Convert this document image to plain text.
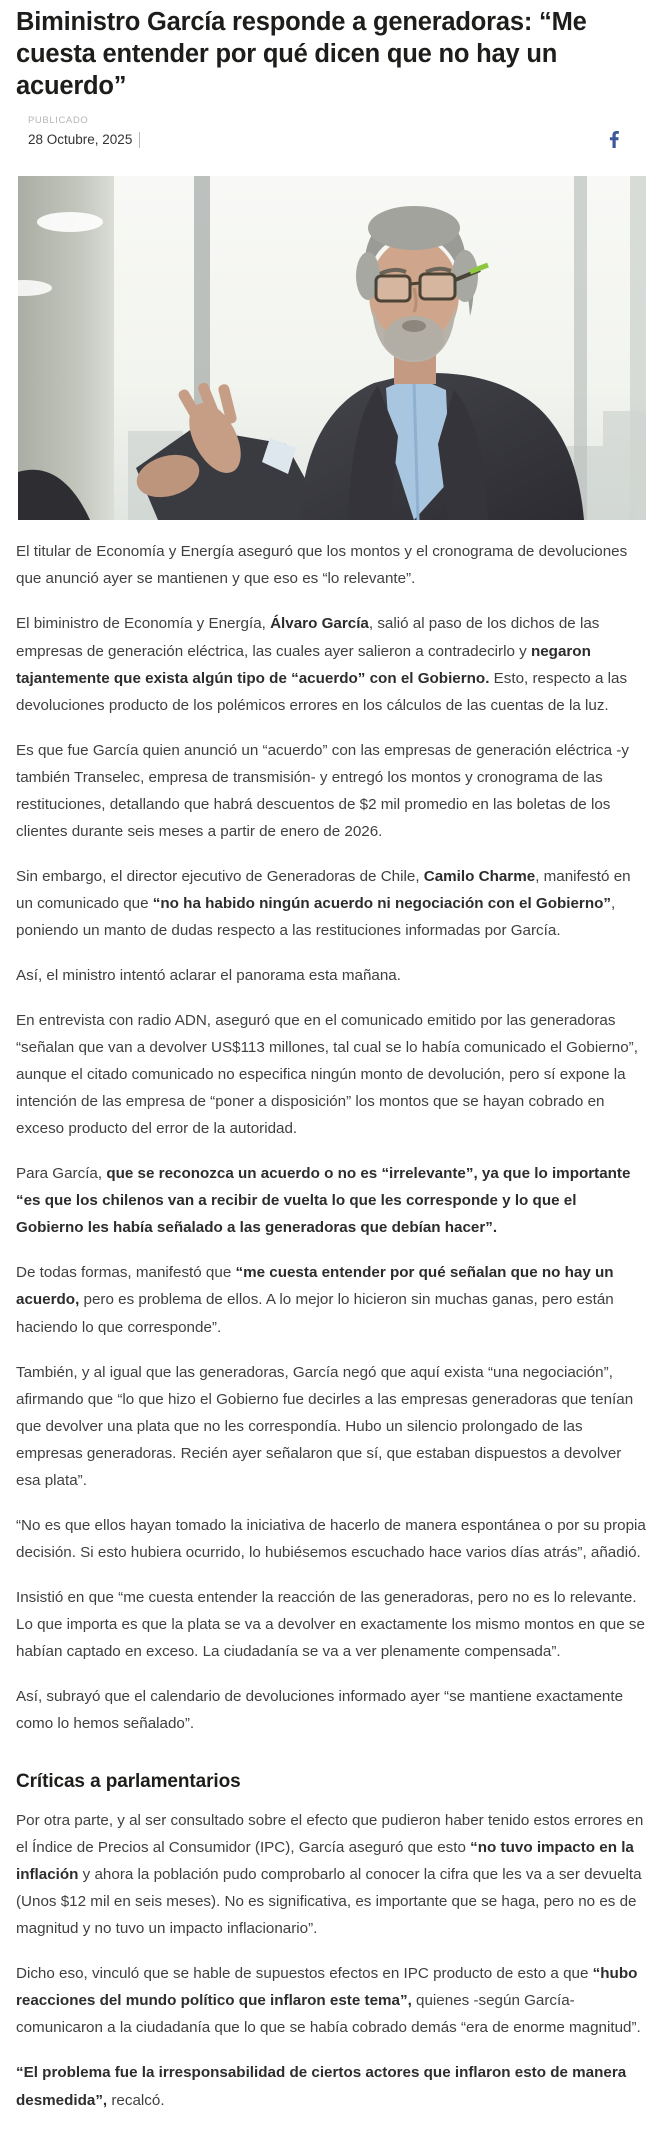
Biministro García responde a generadoras: “Me cuesta entender por qué dicen que no hay un acuerdo”
PUBLICADO
28 Octubre, 2025

El titular de Economía y Energía aseguró que los montos y el cronograma de devoluciones que anunció ayer se mantienen y que eso es “lo relevante”.

El biministro de Economía y Energía, Álvaro García, salió al paso de los dichos de las empresas de generación eléctrica, las cuales ayer salieron a contradecirlo y negaron tajantemente que exista algún tipo de “acuerdo” con el Gobierno. Esto, respecto a las devoluciones producto de los polémicos errores en los cálculos de las cuentas de la luz.

Es que fue García quien anunció un “acuerdo” con las empresas de generación eléctrica -y también Transelec, empresa de transmisión- y entregó los montos y cronograma de las restituciones, detallando que habrá descuentos de $2 mil promedio en las boletas de los clientes durante seis meses a partir de enero de 2026.

Sin embargo, el director ejecutivo de Generadoras de Chile, Camilo Charme, manifestó en un comunicado que “no ha habido ningún acuerdo ni negociación con el Gobierno”, poniendo un manto de dudas respecto a las restituciones informadas por García.

Así, el ministro intentó aclarar el panorama esta mañana.

En entrevista con radio ADN, aseguró que en el comunicado emitido por las generadoras “señalan que van a devolver US$113 millones, tal cual se lo había comunicado el Gobierno”, aunque el citado comunicado no especifica ningún monto de devolución, pero sí expone la intención de las empresa de “poner a disposición” los montos que se hayan cobrado en exceso producto del error de la autoridad.

Para García, que se reconozca un acuerdo o no es “irrelevante”, ya que lo importante “es que los chilenos van a recibir de vuelta lo que les corresponde y lo que el Gobierno les había señalado a las generadoras que debían hacer”.

De todas formas, manifestó que “me cuesta entender por qué señalan que no hay un acuerdo, pero es problema de ellos. A lo mejor lo hicieron sin muchas ganas, pero están haciendo lo que corresponde”.

También, y al igual que las generadoras, García negó que aquí exista “una negociación”, afirmando que “lo que hizo el Gobierno fue decirles a las empresas generadoras que tenían que devolver una plata que no les correspondía. Hubo un silencio prolongado de las empresas generadoras. Recién ayer señalaron que sí, que estaban dispuestos a devolver esa plata”.

“No es que ellos hayan tomado la iniciativa de hacerlo de manera espontánea o por su propia decisión. Si esto hubiera ocurrido, lo hubiésemos escuchado hace varios días atrás”, añadió.

Insistió en que “me cuesta entender la reacción de las generadoras, pero no es lo relevante. Lo que importa es que la plata se va a devolver en exactamente los mismo montos en que se habían captado en exceso. La ciudadanía se va a ver plenamente compensada”.

Así, subrayó que el calendario de devoluciones informado ayer “se mantiene exactamente como lo hemos señalado”.

Críticas a parlamentarios

Por otra parte, y al ser consultado sobre el efecto que pudieron haber tenido estos errores en el Índice de Precios al Consumidor (IPC), García aseguró que esto “no tuvo impacto en la inflación y ahora la población pudo comprobarlo al conocer la cifra que les va a ser devuelta (Unos $12 mil en seis meses). No es significativa, es importante que se haga, pero no es de magnitud y no tuvo un impacto inflacionario”.

Dicho eso, vinculó que se hable de supuestos efectos en IPC producto de esto a que “hubo reacciones del mundo político que inflaron este tema”, quienes -según García- comunicaron a la ciudadanía que lo que se había cobrado demás “era de enorme magnitud”.

“El problema fue la irresponsabilidad de ciertos actores que inflaron esto de manera desmedida”, recalcó.
